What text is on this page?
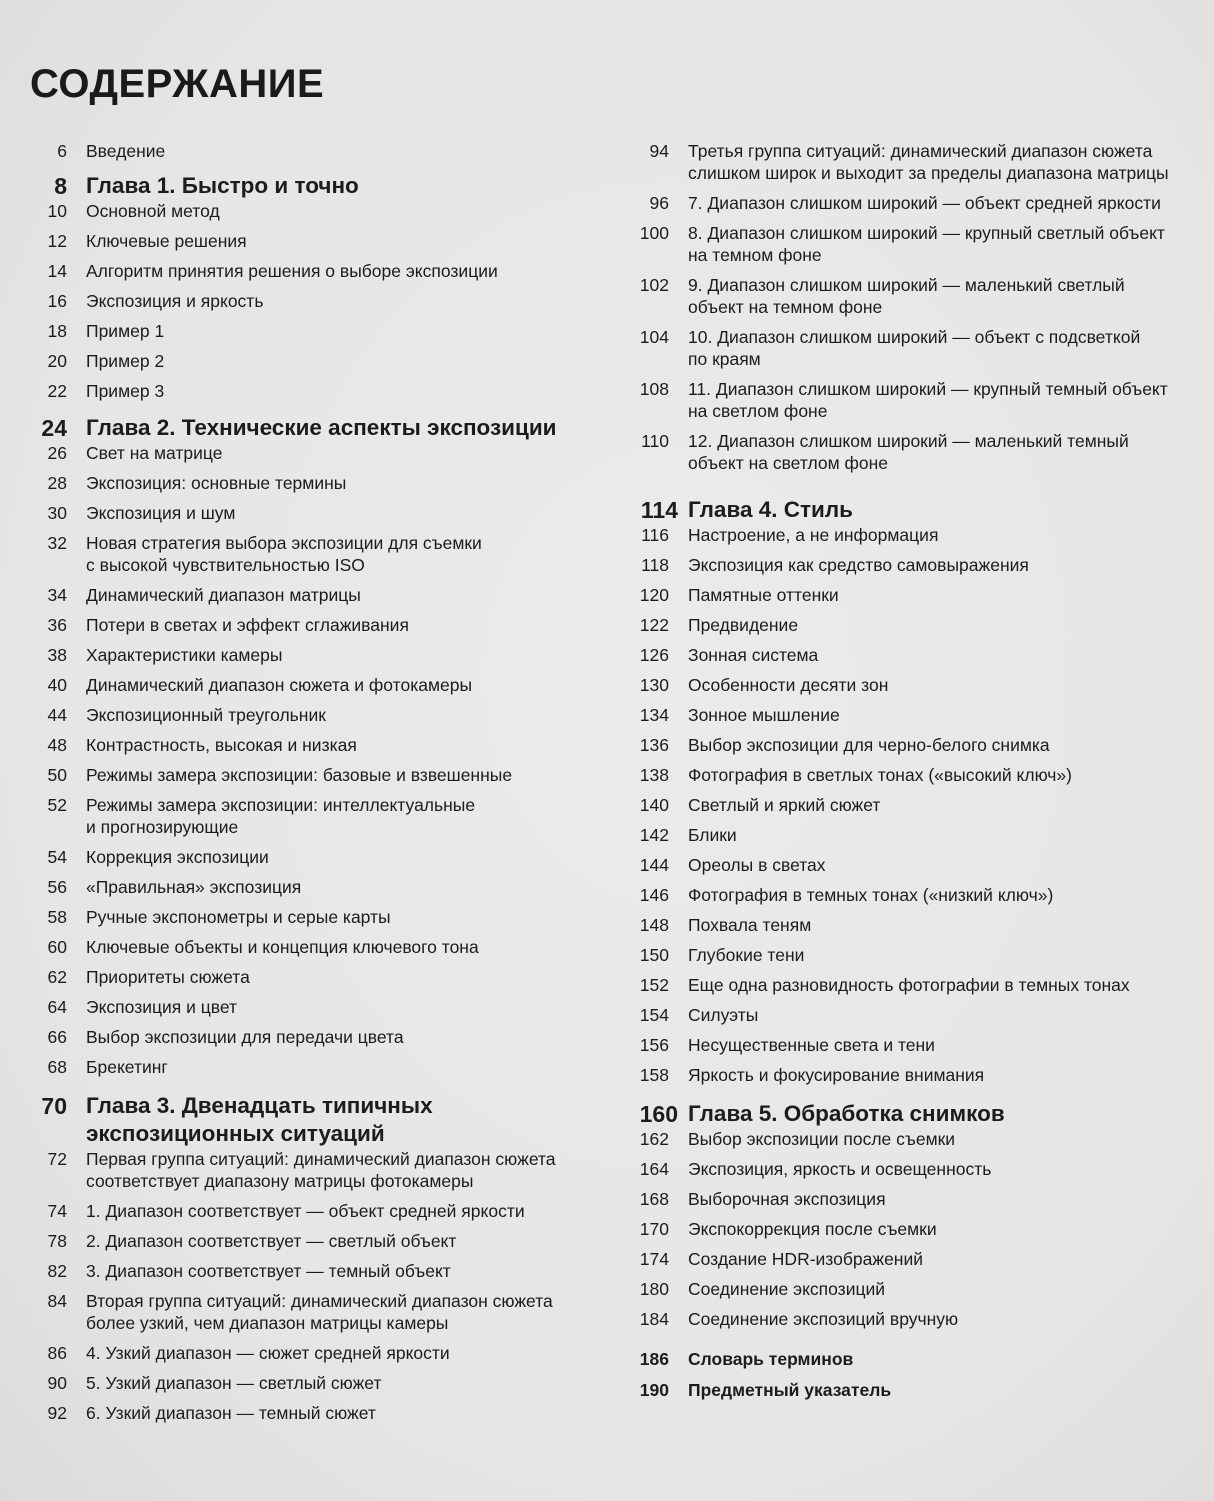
СОДЕРЖАНИЕ
6 Введение
8 Глава 1. Быстро и точно
10 Основной метод
12 Ключевые решения
14 Алгоритм принятия решения о выборе экспозиции
16 Экспозиция и яркость
18 Пример 1
20 Пример 2
22 Пример 3
24 Глава 2. Технические аспекты экспозиции
26 Свет на матрице
28 Экспозиция: основные термины
30 Экспозиция и шум
32 Новая стратегия выбора экспозиции для съемки
с высокой чувствительностью ISO
34 Динамический диапазон матрицы
36 Потери в светах и эффект сглаживания
38 Характеристики камеры
40 Динамический диапазон сюжета и фотокамеры
44 Экспозиционный треугольник
48 Контрастность, высокая и низкая
50 Режимы замера экспозиции: базовые и взвешенные
52 Режимы замера экспозиции: интеллектуальные
и прогнозирующие
54 Коррекция экспозиции
56 «Правильная» экспозиция
58 Ручные экспонометры и серые карты
60 Ключевые объекты и концепция ключевого тона
62 Приоритеты сюжета
64 Экспозиция и цвет
66 Выбор экспозиции для передачи цвета
68 Брекетинг
70 Глава 3. Двенадцать типичных
экспозиционных ситуаций
72 Первая группа ситуаций: динамический диапазон сюжета
соответствует диапазону матрицы фотокамеры
74 1. Диапазон соответствует — объект средней яркости
78 2. Диапазон соответствует — светлый объект
82 3. Диапазон соответствует — темный объект
84 Вторая группа ситуаций: динамический диапазон сюжета
более узкий, чем диапазон матрицы камеры
86 4. Узкий диапазон — сюжет средней яркости
90 5. Узкий диапазон — светлый сюжет
92 6. Узкий диапазон — темный сюжет
94 Третья группа ситуаций: динамический диапазон сюжета
слишком широк и выходит за пределы диапазона матрицы
96 7. Диапазон слишком широкий — объект средней яркости
100 8. Диапазон слишком широкий — крупный светлый объект
на темном фоне
102 9. Диапазон слишком широкий — маленький светлый
объект на темном фоне
104 10. Диапазон слишком широкий — объект с подсветкой
по краям
108 11. Диапазон слишком широкий — крупный темный объект
на светлом фоне
110 12. Диапазон слишком широкий — маленький темный
объект на светлом фоне
114 Глава 4. Стиль
116 Настроение, а не информация
118 Экспозиция как средство самовыражения
120 Памятные оттенки
122 Предвидение
126 Зонная система
130 Особенности десяти зон
134 Зонное мышление
136 Выбор экспозиции для черно-белого снимка
138 Фотография в светлых тонах («высокий ключ»)
140 Светлый и яркий сюжет
142 Блики
144 Ореолы в светах
146 Фотография в темных тонах («низкий ключ»)
148 Похвала теням
150 Глубокие тени
152 Еще одна разновидность фотографии в темных тонах
154 Силуэты
156 Несущественные света и тени
158 Яркость и фокусирование внимания
160 Глава 5. Обработка снимков
162 Выбор экспозиции после съемки
164 Экспозиция, яркость и освещенность
168 Выборочная экспозиция
170 Экспокоррекция после съемки
174 Создание HDR-изображений
180 Соединение экспозиций
184 Соединение экспозиций вручную
186 Словарь терминов
190 Предметный указатель
